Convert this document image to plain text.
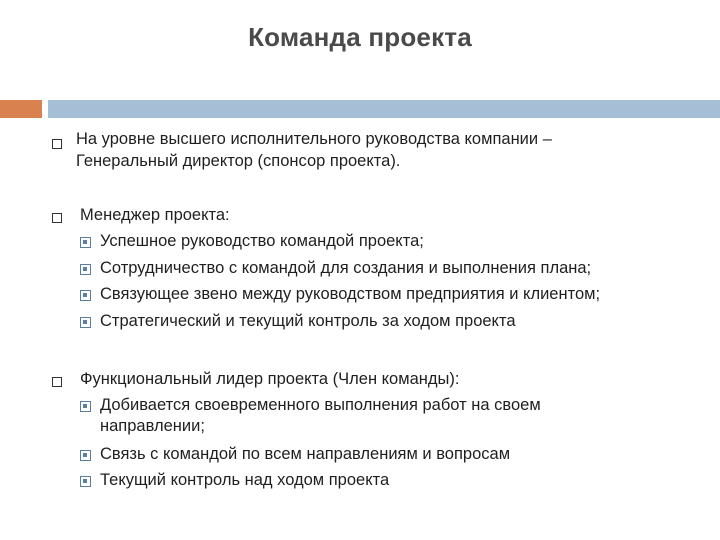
Команда проекта
На уровне высшего исполнительного руководства компании –
Генеральный директор (спонсор проекта).
Менеджер проекта:
Успешное руководство командой проекта;
Сотрудничество с командой для создания и выполнения плана;
Связующее звено между руководством предприятия и клиентом;
Стратегический и текущий контроль за ходом проекта
Функциональный лидер проекта (Член команды):
Добивается своевременного выполнения работ на своем
направлении;
Связь с командой по всем направлениям и вопросам
Текущий контроль над ходом проекта
